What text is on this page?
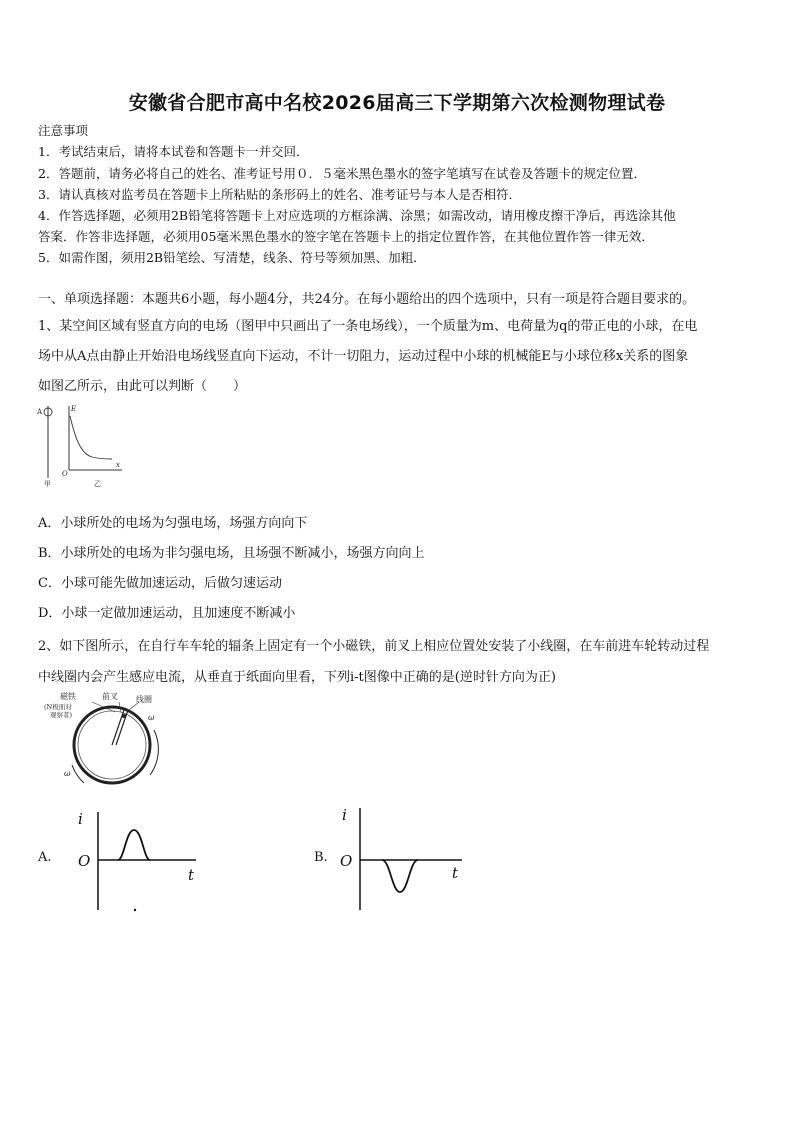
安徽省合肥市高中名校2026届高三下学期第六次检测物理试卷
注意事项
1．考试结束后，请将本试卷和答题卡一并交回．
2．答题前，请务必将自己的姓名、准考证号用０．５毫米黑色墨水的签字笔填写在试卷及答题卡的规定位置．
3．请认真核对监考员在答题卡上所粘贴的条形码上的姓名、准考证号与本人是否相符．
4．作答选择题，必须用2B铅笔将答题卡上对应选项的方框涂满、涂黑；如需改动，请用橡皮擦干净后，再选涂其他
答案．作答非选择题，必须用05毫米黑色墨水的签字笔在答题卡上的指定位置作答，在其他位置作答一律无效．
5．如需作图，须用2B铅笔绘、写清楚，线条、符号等须加黑、加粗．
一、单项选择题：本题共6小题，每小题4分，共24分。在每小题给出的四个选项中，只有一项是符合题目要求的。
1、某空间区域有竖直方向的电场（图甲中只画出了一条电场线），一个质量为m、电荷量为q的带正电的小球，在电
场中从A点由静止开始沿电场线竖直向下运动，不计一切阻力，运动过程中小球的机械能E与小球位移x关系的图象
如图乙所示，由此可以判断（　　）
A
甲
E
O
x
乙
A．小球所处的电场为匀强电场，场强方向向下
B．小球所处的电场为非匀强电场，且场强不断减小，场强方向向上
C．小球可能先做加速运动，后做匀速运动
D．小球一定做加速运动，且加速度不断减小
2、如下图所示，在自行车车轮的辐条上固定有一个小磁铁，前叉上相应位置处安装了小线圈，在车前进车轮转动过程
中线圈内会产生感应电流，从垂直于纸面向里看，下列i-t图像中正确的是(逆时针方向为正)
磁铁
(N极面对
观察者)
前叉 线圈
ω
ω
A.
i
O
t
B.
i
O
t
